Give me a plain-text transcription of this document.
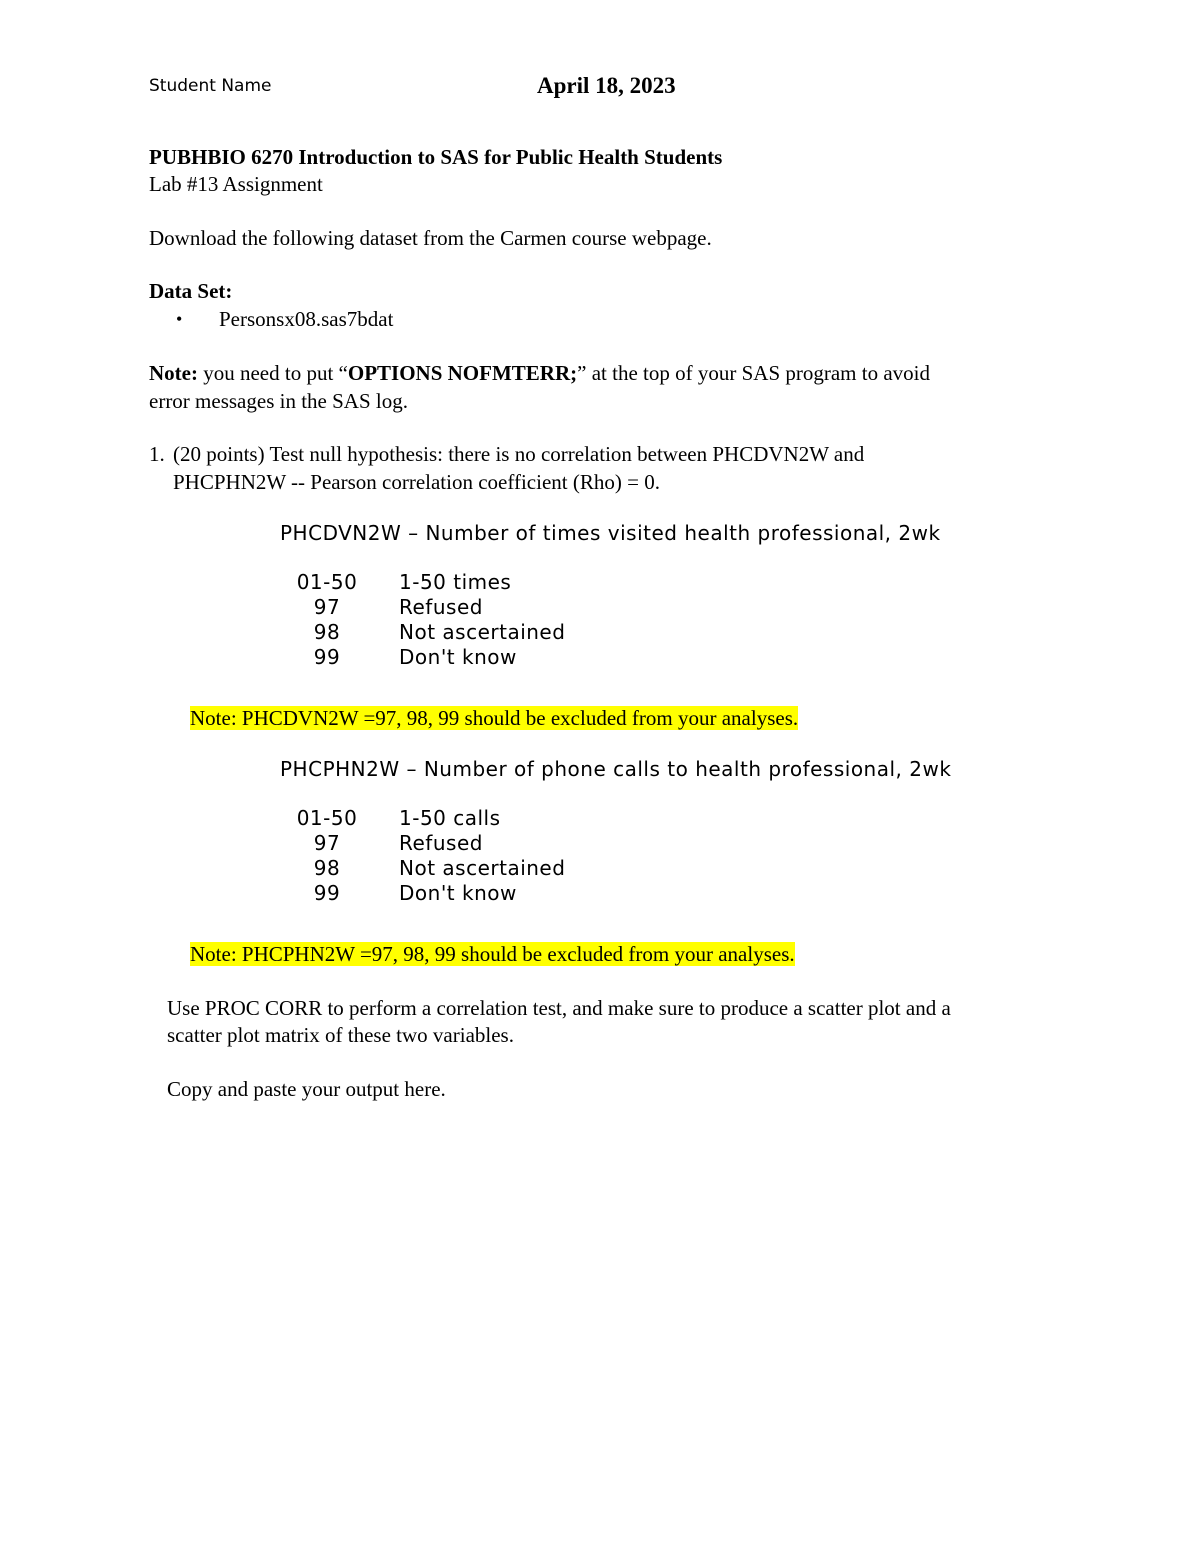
Student Name	April 18, 2023
PUBHBIO 6270 Introduction to SAS for Public Health Students
Lab #13 Assignment
Download the following dataset from the Carmen course webpage.
Data Set:
• Personsx08.sas7bdat
Note: you need to put “OPTIONS NOFMTERR;” at the top of your SAS program to avoid
error messages in the SAS log.
1. (20 points) Test null hypothesis: there is no correlation between PHCDVN2W and
PHCPHN2W -- Pearson correlation coefficient (Rho) = 0.
PHCDVN2W – Number of times visited health professional, 2wk
01-50	1-50 times
97	Refused
98	Not ascertained
99	Don't know
Note: PHCDVN2W =97, 98, 99 should be excluded from your analyses.
PHCPHN2W – Number of phone calls to health professional, 2wk
01-50	1-50 calls
97	Refused
98	Not ascertained
99	Don't know
Note: PHCPHN2W =97, 98, 99 should be excluded from your analyses.
Use PROC CORR to perform a correlation test, and make sure to produce a scatter plot and a
scatter plot matrix of these two variables.
Copy and paste your output here.
